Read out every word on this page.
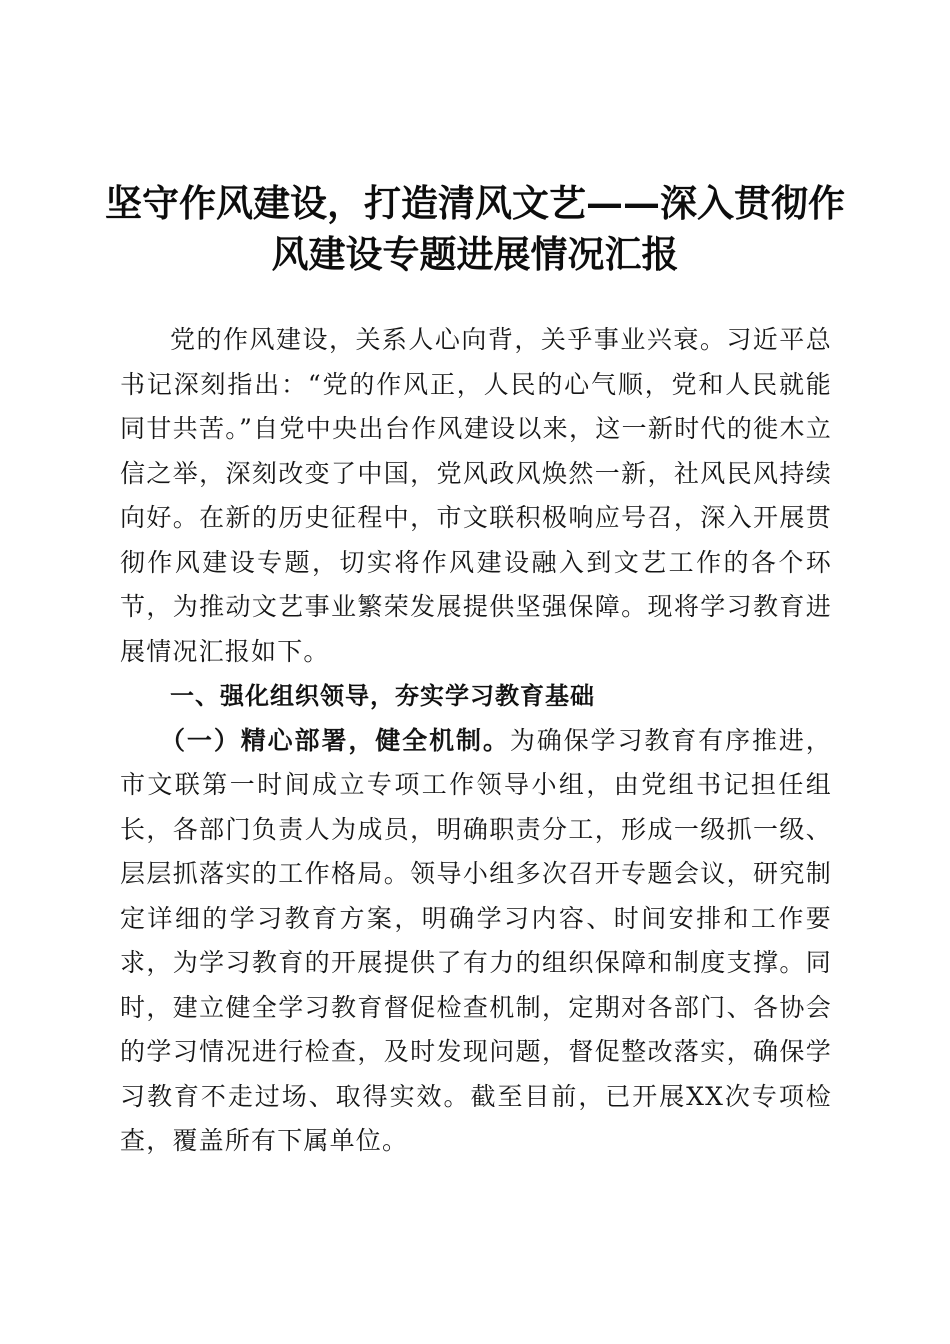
坚守作风建设，打造清风文艺——深入贯彻作
风建设专题进展情况汇报

党的作风建设，关系人心向背，关乎事业兴衰。习近平总书记深刻指出：“党的作风正，人民的心气顺，党和人民就能同甘共苦。”自党中央出台作风建设以来，这一新时代的徙木立信之举，深刻改变了中国，党风政风焕然一新，社风民风持续向好。在新的历史征程中，市文联积极响应号召，深入开展贯彻作风建设专题，切实将作风建设融入到文艺工作的各个环节，为推动文艺事业繁荣发展提供坚强保障。现将学习教育进展情况汇报如下。

一、强化组织领导，夯实学习教育基础

（一）精心部署，健全机制。为确保学习教育有序推进，市文联第一时间成立专项工作领导小组，由党组书记担任组长，各部门负责人为成员，明确职责分工，形成一级抓一级、层层抓落实的工作格局。领导小组多次召开专题会议，研究制定详细的学习教育方案，明确学习内容、时间安排和工作要求，为学习教育的开展提供了有力的组织保障和制度支撑。同时，建立健全学习教育督促检查机制，定期对各部门、各协会的学习情况进行检查，及时发现问题，督促整改落实，确保学习教育不走过场、取得实效。截至目前，已开展XX次专项检查，覆盖所有下属单位。
